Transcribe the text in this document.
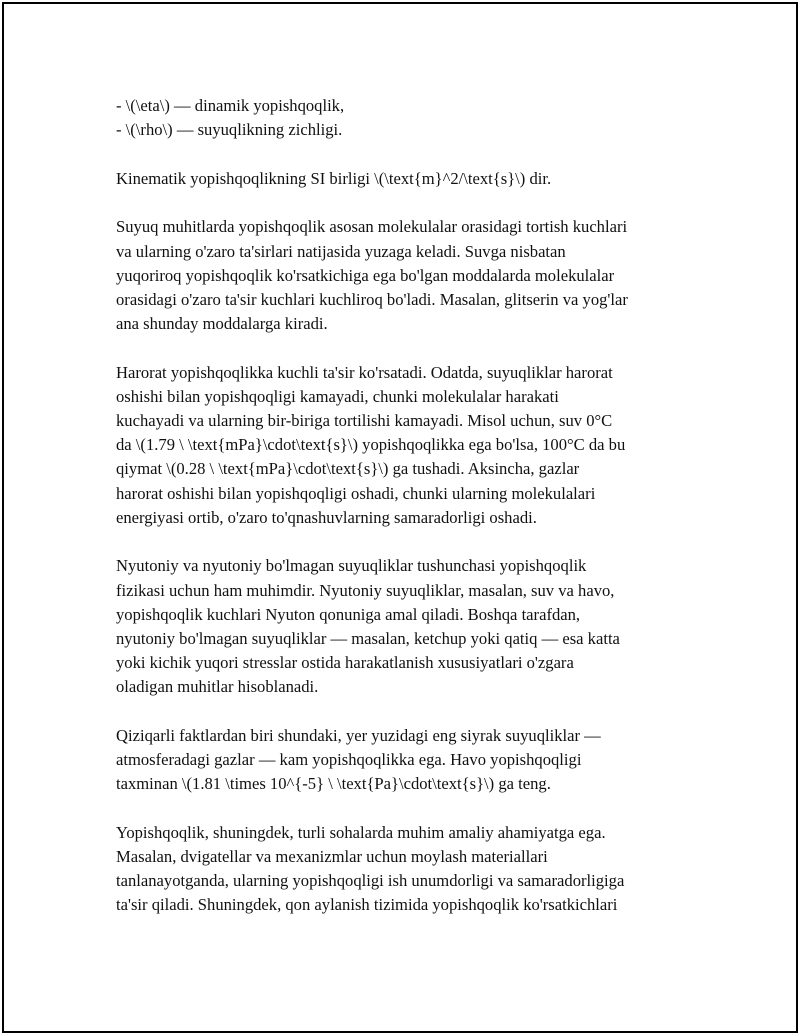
- \(\eta\) — dinamik yopishqoqlik,
- \(\rho\) — suyuqlikning zichligi.
Kinematik yopishqoqlikning SI birligi \(\text{m}^2/\text{s}\) dir.
Suyuq muhitlarda yopishqoqlik asosan molekulalar orasidagi tortish kuchlari
va ularning o'zaro ta'sirlari natijasida yuzaga keladi. Suvga nisbatan
yuqoriroq yopishqoqlik ko'rsatkichiga ega bo'lgan moddalarda molekulalar
orasidagi o'zaro ta'sir kuchlari kuchliroq bo'ladi. Masalan, glitserin va yog'lar
ana shunday moddalarga kiradi.
Harorat yopishqoqlikka kuchli ta'sir ko'rsatadi. Odatda, suyuqliklar harorat
oshishi bilan yopishqoqligi kamayadi, chunki molekulalar harakati
kuchayadi va ularning bir-biriga tortilishi kamayadi. Misol uchun, suv 0°C
da \(1.79 \ \text{mPa}\cdot\text{s}\) yopishqoqlikka ega bo'lsa, 100°C da bu
qiymat \(0.28 \ \text{mPa}\cdot\text{s}\) ga tushadi. Aksincha, gazlar
harorat oshishi bilan yopishqoqligi oshadi, chunki ularning molekulalari
energiyasi ortib, o'zaro to'qnashuvlarning samaradorligi oshadi.
Nyutoniy va nyutoniy bo'lmagan suyuqliklar tushunchasi yopishqoqlik
fizikasi uchun ham muhimdir. Nyutoniy suyuqliklar, masalan, suv va havo,
yopishqoqlik kuchlari Nyuton qonuniga amal qiladi. Boshqa tarafdan,
nyutoniy bo'lmagan suyuqliklar — masalan, ketchup yoki qatiq — esa katta
yoki kichik yuqori stresslar ostida harakatlanish xususiyatlari o'zgara
oladigan muhitlar hisoblanadi.
Qiziqarli faktlardan biri shundaki, yer yuzidagi eng siyrak suyuqliklar —
atmosferadagi gazlar — kam yopishqoqlikka ega. Havo yopishqoqligi
taxminan \(1.81 \times 10^{-5} \ \text{Pa}\cdot\text{s}\) ga teng.
Yopishqoqlik, shuningdek, turli sohalarda muhim amaliy ahamiyatga ega.
Masalan, dvigatellar va mexanizmlar uchun moylash materiallari
tanlanayotganda, ularning yopishqoqligi ish unumdorligi va samaradorligiga
ta'sir qiladi. Shuningdek, qon aylanish tizimida yopishqoqlik ko'rsatkichlari
